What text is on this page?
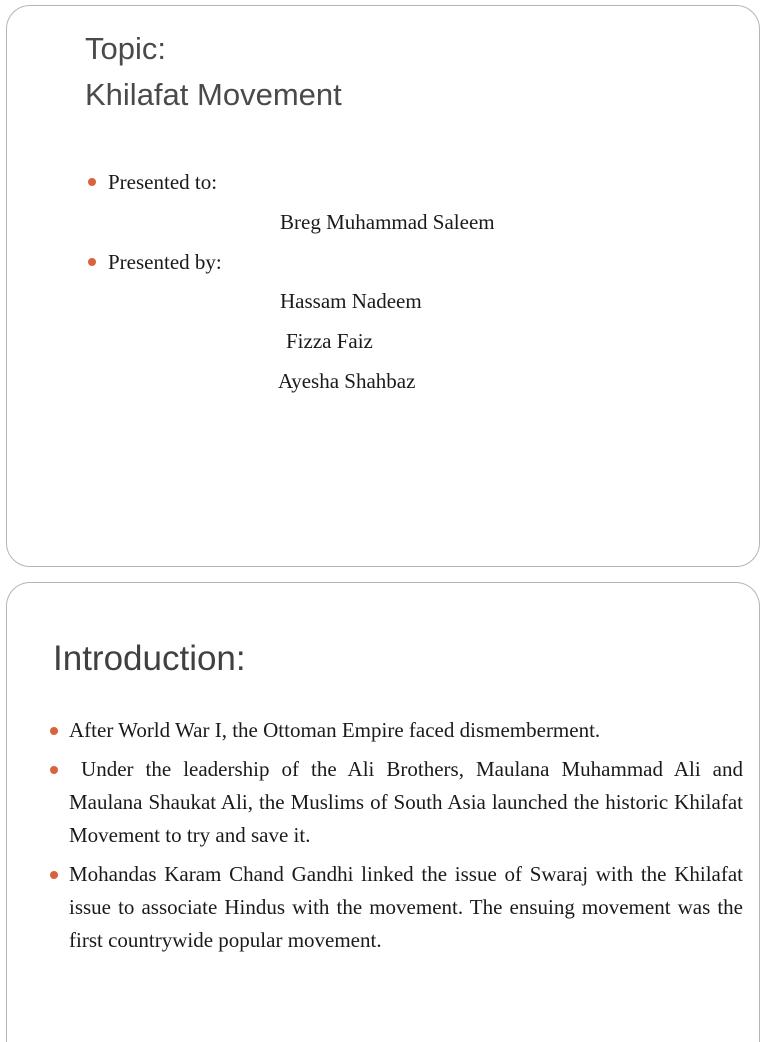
Topic:
Khilafat Movement
Presented to:
Breg Muhammad Saleem
Presented by:
Hassam Nadeem
Fizza Faiz
Ayesha Shahbaz
Introduction:

After World War I, the Ottoman Empire faced dismemberment.

Under the leadership of the Ali Brothers, Maulana Muhammad Ali and Maulana Shaukat Ali, the Muslims of South Asia launched the historic Khilafat Movement to try and save it.

Mohandas Karam Chand Gandhi linked the issue of Swaraj with the Khilafat issue to associate Hindus with the movement. The ensuing movement was the first countrywide popular movement.
